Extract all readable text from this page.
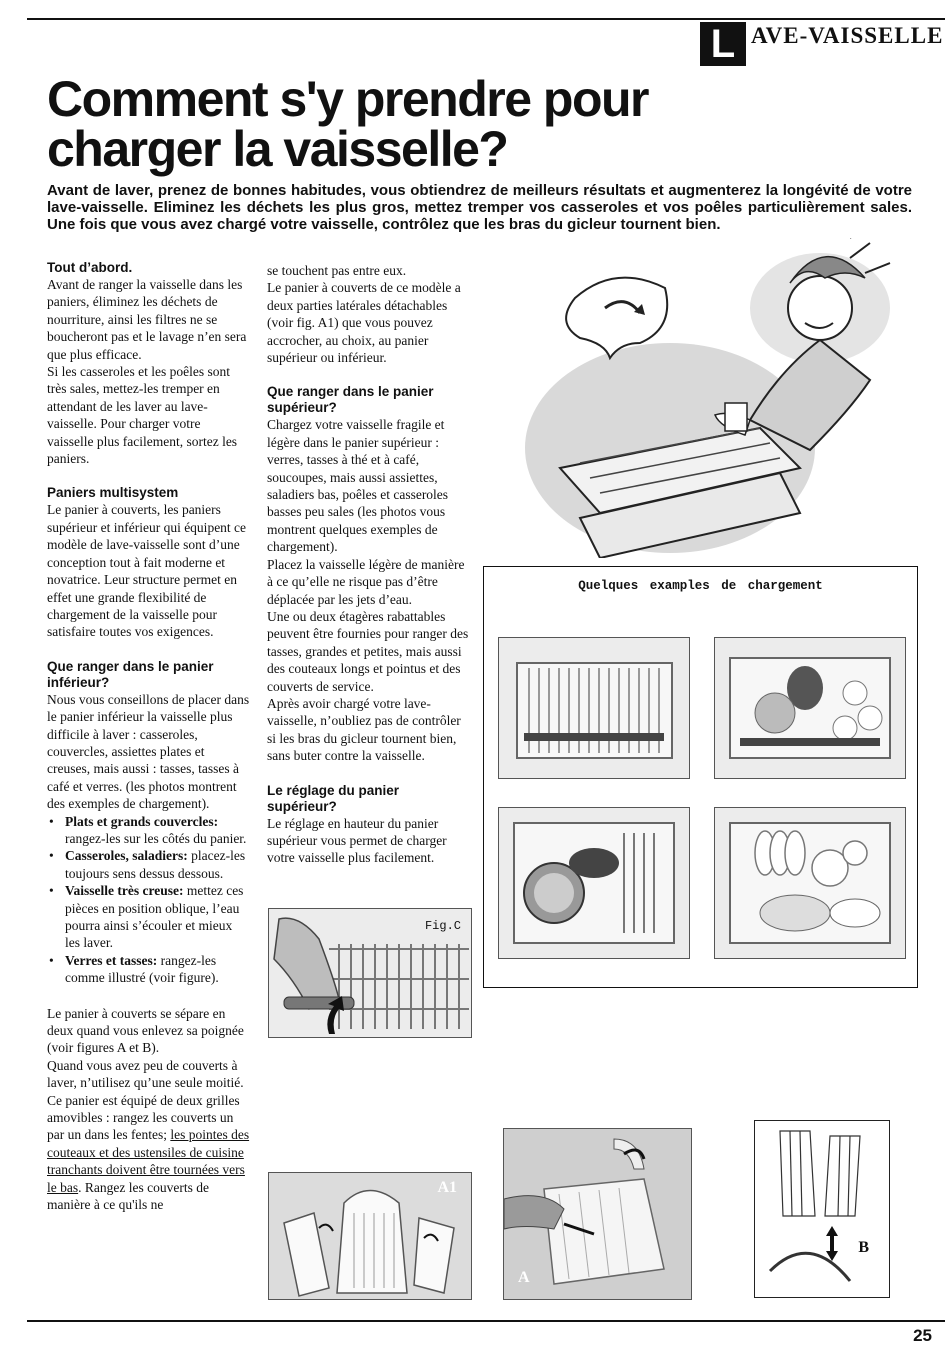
L AVE-VAISSELLE
Comment s'y prendre pour charger la vaisselle?
Avant de laver, prenez de bonnes habitudes, vous obtiendrez de meilleurs résultats et augmenterez la longévité de votre lave-vaisselle. Eliminez les déchets les plus gros, mettez tremper vos casseroles et vos poêles particulièrement sales. Une fois que vous avez chargé votre vaisselle, contrôlez que les bras du gicleur tournent bien.
Tout d’abord.

Avant de ranger la vaisselle dans les paniers, éliminez les déchets de nourriture, ainsi les filtres ne se boucheront pas et le lavage n’en sera que plus efficace.

Si les casseroles et les poêles sont très sales, mettez-les tremper en attendant de les laver au lave-vaisselle. Pour charger votre vaisselle plus facilement, sortez les paniers.

Paniers multisystem

Le panier à couverts, les paniers supérieur et inférieur qui équipent ce modèle de lave-vaisselle sont d’une conception tout à fait moderne et novatrice. Leur structure permet en effet une grande flexibilité de chargement de la vaisselle pour satisfaire toutes vos exigences.

Que ranger dans le panier inférieur?

Nous vous conseillons de placer dans le panier inférieur la vaisselle plus difficile à laver : casseroles, couvercles, assiettes plates et creuses, mais aussi : tasses, tasses à café et verres. (les photos montrent des exemples de chargement).

• Plats et grands couvercles: rangez-les sur les côtés du panier.
• Casseroles, saladiers: placez-les toujours sens dessus dessous.
• Vaisselle très creuse: mettez ces pièces en position oblique, l’eau pourra ainsi s’écouler et mieux les laver.
• Verres et tasses: rangez-les comme illustré (voir figure).

Le panier à couverts se sépare en deux quand vous enlevez sa poignée (voir figures A et B).

Quand vous avez peu de couverts à laver, n’utilisez qu’une seule moitié.

Ce panier est équipé de deux grilles amovibles : rangez les couverts un par un dans les fentes; les pointes des couteaux et des ustensiles de cuisine tranchants doivent être tournées vers le bas. Rangez les couverts de manière à ce qu'ils ne

se touchent pas entre eux.

Le panier à couverts de ce modèle a deux parties latérales détachables (voir fig. A1) que vous pouvez accrocher, au choix, au panier supérieur ou inférieur.

Que ranger dans le panier supérieur?

Chargez votre vaisselle fragile et légère dans le panier supérieur : verres, tasses à thé et à café, soucoupes, mais aussi assiettes, saladiers bas, poêles et casseroles basses peu sales (les photos vous montrent quelques exemples de chargement).

Placez la vaisselle légère de manière à ce qu’elle ne risque pas d’être déplacée par les jets d’eau.

Une ou deux étagères rabattables peuvent être fournies pour ranger des tasses, grandes et petites, mais aussi des couteaux longs et pointus et des couverts de service.

Après avoir chargé votre lave-vaisselle, n’oubliez pas de contrôler si les bras du gicleur tournent bien, sans buter contre la vaisselle.

Le réglage du panier supérieur?

Le réglage en hauteur du panier supérieur vous permet de charger votre vaisselle plus facilement.

Quelques examples de chargement
Fig.C
A1
A
B
25
